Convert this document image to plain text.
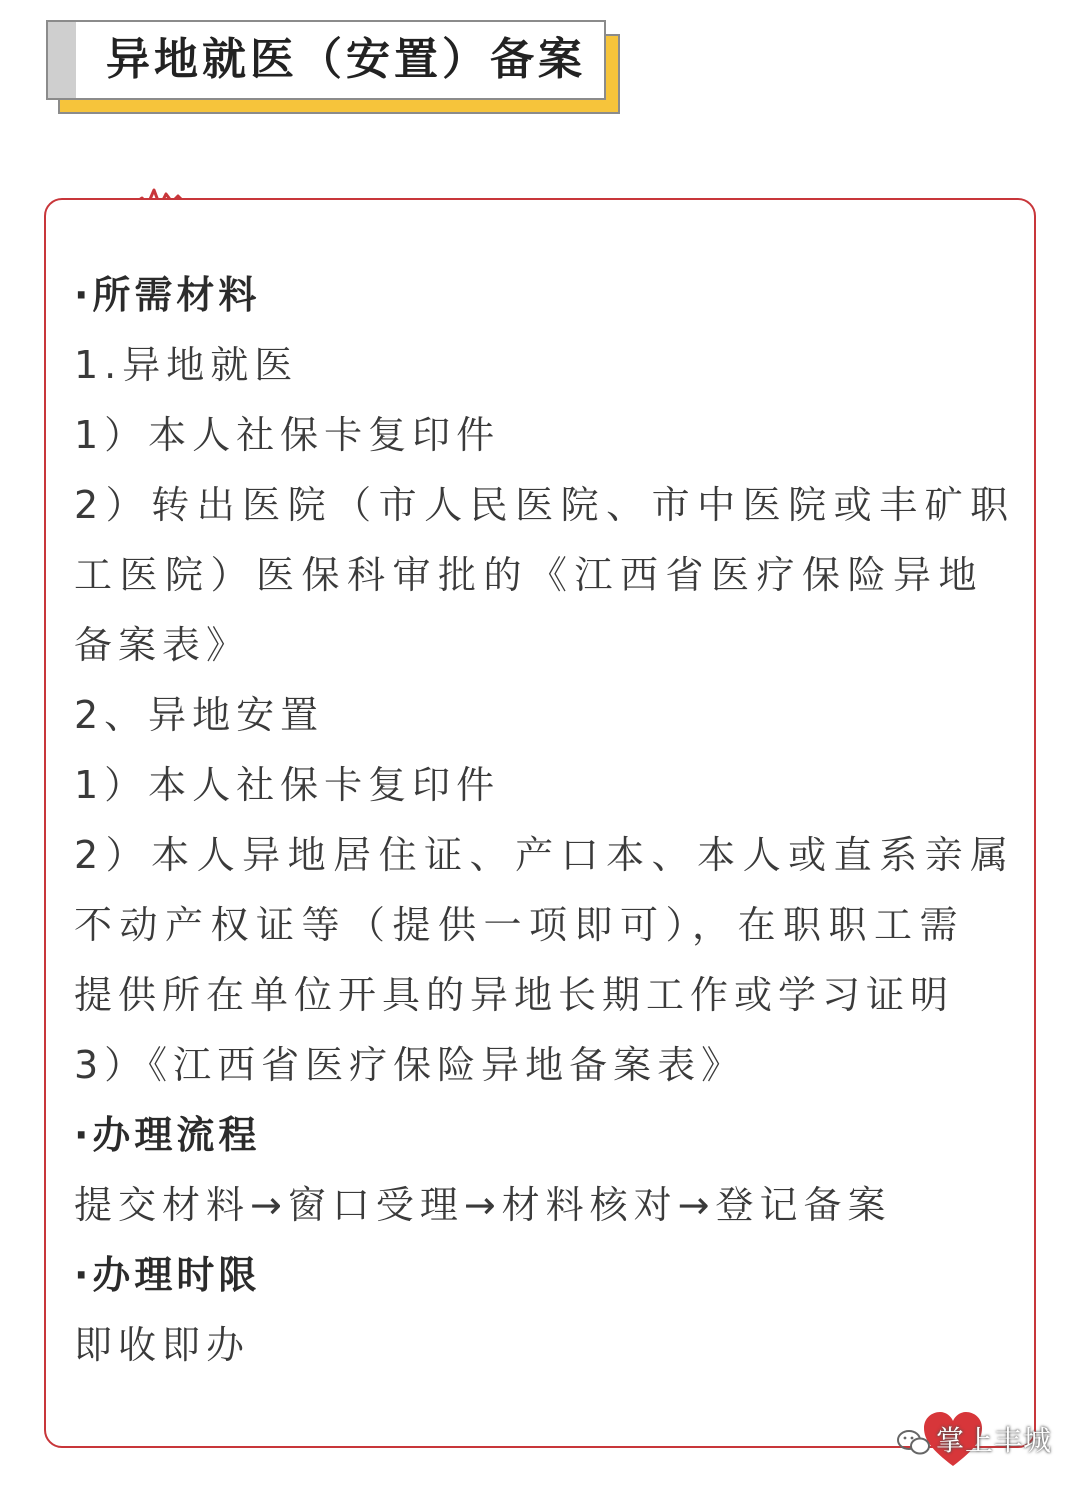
异地就医（安置）备案
·所需材料
1.异地就医
1）本人社保卡复印件
2）转出医院（市人民医院、市中医院或丰矿职
工医院）医保科审批的《江西省医疗保险异地
备案表》
2、异地安置
1）本人社保卡复印件
2）本人异地居住证、产口本、本人或直系亲属
不动产权证等（提供一项即可），在职职工需
提供所在单位开具的异地长期工作或学习证明
3）《江西省医疗保险异地备案表》
·办理流程
提交材料→窗口受理→材料核对→登记备案
·办理时限
即收即办
掌上丰城
